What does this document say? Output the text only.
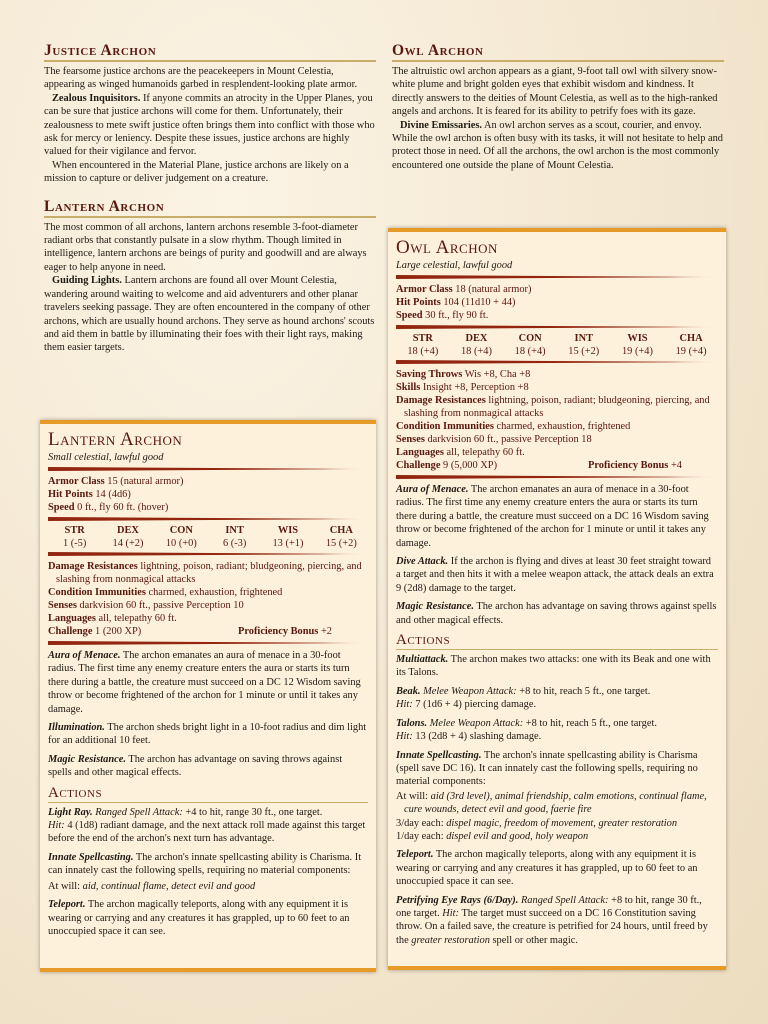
Justice Archon

The fearsome justice archons are the peacekeepers in Mount Celestia, appearing as winged humanoids garbed in resplendent-looking plate armor.

Zealous Inquisitors. If anyone commits an atrocity in the Upper Planes, you can be sure that justice archons will come for them. Unfortunately, their zealousness to mete swift justice often brings them into conflict with those who ask for mercy or leniency. Despite these issues, justice archons are highly valued for their vigilance and fervor.

When encountered in the Material Plane, justice archons are likely on a mission to capture or deliver judgement on a creature.

Lantern Archon

The most common of all archons, lantern archons resemble 3-foot-diameter radiant orbs that constantly pulsate in a slow rhythm. Though limited in intelligence, lantern archons are beings of purity and goodwill and are always eager to help anyone in need.

Guiding Lights. Lantern archons are found all over Mount Celestia, wandering around waiting to welcome and aid adventurers and other planar travelers seeking passage. They are often encountered in the company of other archons, which are usually hound archons. They serve as hound archons' scouts and aid them in battle by illuminating their foes with their light rays, making them easier targets.

Lantern Archon
Small celestial, lawful good
Armor Class 15 (natural armor)
Hit Points 14 (4d6)
Speed 0 ft., fly 60 ft. (hover)
STR	DEX	CON	INT	WIS	CHA
1 (-5)	14 (+2)	10 (+0)	6 (-3)	13 (+1)	15 (+2)
Damage Resistances lightning, poison, radiant; bludgeoning, piercing, and slashing from nonmagical attacks
Condition Immunities charmed, exhaustion, frightened
Senses darkvision 60 ft., passive Perception 10
Languages all, telepathy 60 ft.
Challenge 1 (200 XP)	Proficiency Bonus +2

Aura of Menace. The archon emanates an aura of menace in a 30-foot radius. The first time any enemy creature enters the aura or starts its turn there during a battle, the creature must succeed on a DC 12 Wisdom saving throw or become frightened of the archon for 1 minute or until it takes any damage.

Illumination. The archon sheds bright light in a 10-foot radius and dim light for an additional 10 feet.

Magic Resistance. The archon has advantage on saving throws against spells and other magical effects.

Actions

Light Ray. Ranged Spell Attack: +4 to hit, range 30 ft., one target.
Hit: 4 (1d8) radiant damage, and the next attack roll made against this target before the end of the archon's next turn has advantage.

Innate Spellcasting. The archon's innate spellcasting ability is Charisma. It can innately cast the following spells, requiring no material components:

At will: aid, continual flame, detect evil and good

Teleport. The archon magically teleports, along with any equipment it is wearing or carrying and any creatures it has grappled, up to 60 feet to an unoccupied space it can see.

Owl Archon

The altruistic owl archon appears as a giant, 9-foot tall owl with silvery snow-white plume and bright golden eyes that exhibit wisdom and kindness. It directly answers to the deities of Mount Celestia, as well as to the high-ranked angels and archons. It is feared for its ability to petrify foes with its gaze.

Divine Emissaries. An owl archon serves as a scout, courier, and envoy. While the owl archon is often busy with its tasks, it will not hesitate to help and protect those in need. Of all the archons, the owl archon is the most commonly encountered one outside the plane of Mount Celestia.

Owl Archon
Large celestial, lawful good
Armor Class 18 (natural armor)
Hit Points 104 (11d10 + 44)
Speed 30 ft., fly 90 ft.
STR	DEX	CON	INT	WIS	CHA
18 (+4)	18 (+4)	18 (+4)	15 (+2)	19 (+4)	19 (+4)
Saving Throws Wis +8, Cha +8
Skills Insight +8, Perception +8
Damage Resistances lightning, poison, radiant; bludgeoning, piercing, and slashing from nonmagical attacks
Condition Immunities charmed, exhaustion, frightened
Senses darkvision 60 ft., passive Perception 18
Languages all, telepathy 60 ft.
Challenge 9 (5,000 XP)	Proficiency Bonus +4

Aura of Menace. The archon emanates an aura of menace in a 30-foot radius. The first time any enemy creature enters the aura or starts its turn there during a battle, the creature must succeed on a DC 16 Wisdom saving throw or become frightened of the archon for 1 minute or until it takes any damage.

Dive Attack. If the archon is flying and dives at least 30 feet straight toward a target and then hits it with a melee weapon attack, the attack deals an extra 9 (2d8) damage to the target.

Magic Resistance. The archon has advantage on saving throws against spells and other magical effects.

Actions

Multiattack. The archon makes two attacks: one with its Beak and one with its Talons.

Beak. Melee Weapon Attack: +8 to hit, reach 5 ft., one target.
Hit: 7 (1d6 + 4) piercing damage.

Talons. Melee Weapon Attack: +8 to hit, reach 5 ft., one target.
Hit: 13 (2d8 + 4) slashing damage.

Innate Spellcasting. The archon's innate spellcasting ability is Charisma (spell save DC 16). It can innately cast the following spells, requiring no material components:

At will: aid (3rd level), animal friendship, calm emotions, continual flame, cure wounds, detect evil and good, faerie fire

3/day each: dispel magic, freedom of movement, greater restoration

1/day each: dispel evil and good, holy weapon

Teleport. The archon magically teleports, along with any equipment it is wearing or carrying and any creatures it has grappled, up to 60 feet to an unoccupied space it can see.

Petrifying Eye Rays (6/Day). Ranged Spell Attack: +8 to hit, range 30 ft., one target. Hit: The target must succeed on a DC 16 Constitution saving throw. On a failed save, the creature is petrified for 24 hours, until freed by the greater restoration spell or other magic.
